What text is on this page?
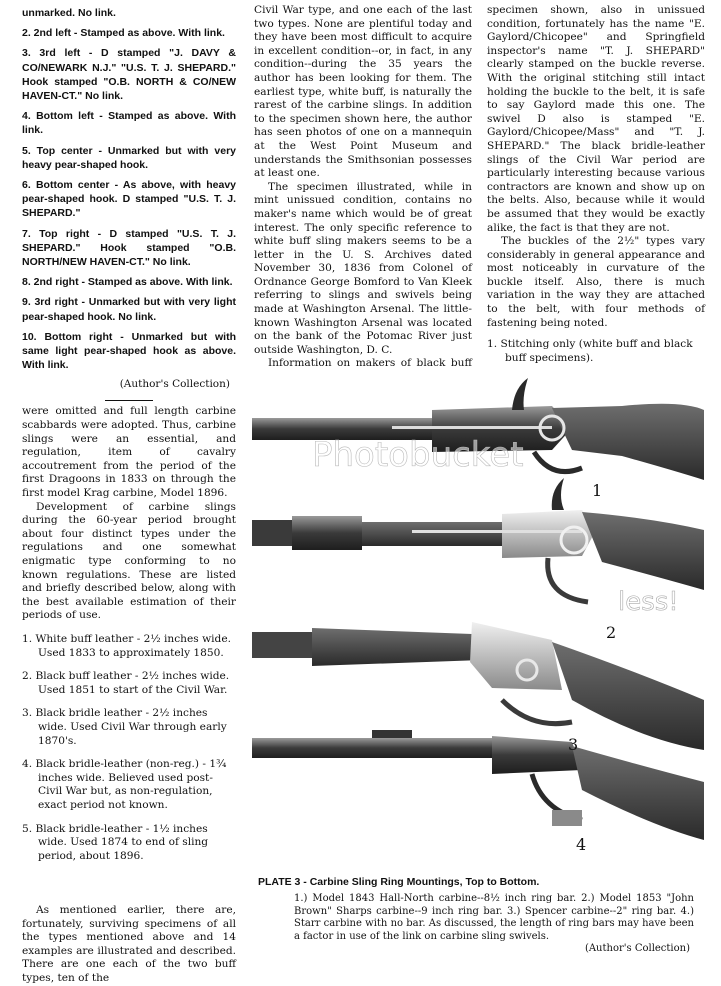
unmarked. No link.
2. 2nd left - Stamped as above. With link.
3. 3rd left - D stamped "J. DAVY & CO/NEWARK N.J." "U.S. T. J. SHEPARD." Hook stamped "O.B. NORTH & CO/NEW HAVEN-CT." No link.
4. Bottom left - Stamped as above. With link.
5. Top center - Unmarked but with very heavy pear-shaped hook.
6. Bottom center - As above, with heavy pear-shaped hook. D stamped "U.S. T. J. SHEPARD."
7. Top right - D stamped "U.S. T. J. SHEPARD." Hook stamped "O.B. NORTH/NEW HAVEN-CT." No link.
8. 2nd right - Stamped as above. With link.
9. 3rd right - Unmarked but with very light pear-shaped hook. No link.
10. Bottom right - Unmarked but with same light pear-shaped hook as above. With link.
(Author's Collection)

were omitted and full length carbine scabbards were adopted. Thus, carbine slings were an essential, and regulation, item of cavalry accoutrement from the period of the first Dragoons in 1833 on through the first model Krag carbine, Model 1896.

Development of carbine slings during the 60-year period brought about four distinct types under the regulations and one somewhat enigmatic type conforming to no known regulations. These are listed and briefly described below, along with the best available estimation of their periods of use.

1. White buff leather - 2½ inches wide. Used 1833 to approximately 1850.
2. Black buff leather - 2½ inches wide. Used 1851 to start of the Civil War.
3. Black bridle leather - 2½ inches wide. Used Civil War through early 1870's.
4. Black bridle-leather (non-reg.) - 1¾ inches wide. Believed used post-Civil War but, as non-regulation, exact period not known.
5. Black bridle-leather - 1½ inches wide. Used 1874 to end of sling period, about 1896.

As mentioned earlier, there are, fortunately, surviving specimens of all the types mentioned above and 14 examples are illustrated and described. There are one each of the two buff types, ten of the

Civil War type, and one each of the last two types. None are plentiful today and they have been most difficult to acquire in excellent condition--or, in fact, in any condition--during the 35 years the author has been looking for them. The earliest type, white buff, is naturally the rarest of the carbine slings. In addition to the specimen shown here, the author has seen photos of one on a mannequin at the West Point Museum and understands the Smithsonian possesses at least one.

The specimen illustrated, while in mint unissued condition, contains no maker's name which would be of great interest. The only specific reference to white buff sling makers seems to be a letter in the U. S. Archives dated November 30, 1836 from Colonel of Ordnance George Bomford to Van Kleek referring to slings and swivels being made at Washington Arsenal. The little-known Washington Arsenal was located on the bank of the Potomac River just outside Washington, D. C.

Information on makers of black buff

specimen shown, also in unissued condition, fortunately has the name "E. Gaylord/Chicopee" and Springfield inspector's name "T. J. SHEPARD" clearly stamped on the buckle reverse. With the original stitching still intact holding the buckle to the belt, it is safe to say Gaylord made this one. The swivel D also is stamped "E. Gaylord/Chicopee/Mass" and "T. J. SHEPARD." The black bridle-leather slings of the Civil War period are particularly interesting because various contractors are known and show up on the belts. Also, because while it would be assumed that they would be exactly alike, the fact is that they are not.

The buckles of the 2½" types vary considerably in general appearance and most noticeably in curvature of the buckle itself. Also, there is much variation in the way they are attached to the belt, with four methods of fastening being noted.

1. Stitching only (white buff and black buff specimens).
1
2
3
4
Photobucket
less!
PLATE 3 - Carbine Sling Ring Mountings, Top to Bottom.
1.) Model 1843 Hall-North carbine--8½ inch ring bar. 2.) Model 1853 "John Brown" Sharps carbine--9 inch ring bar. 3.) Spencer carbine--2" ring bar. 4.) Starr carbine with no bar. As discussed, the length of ring bars may have been a factor in use of the link on carbine sling swivels.
(Author's Collection)
